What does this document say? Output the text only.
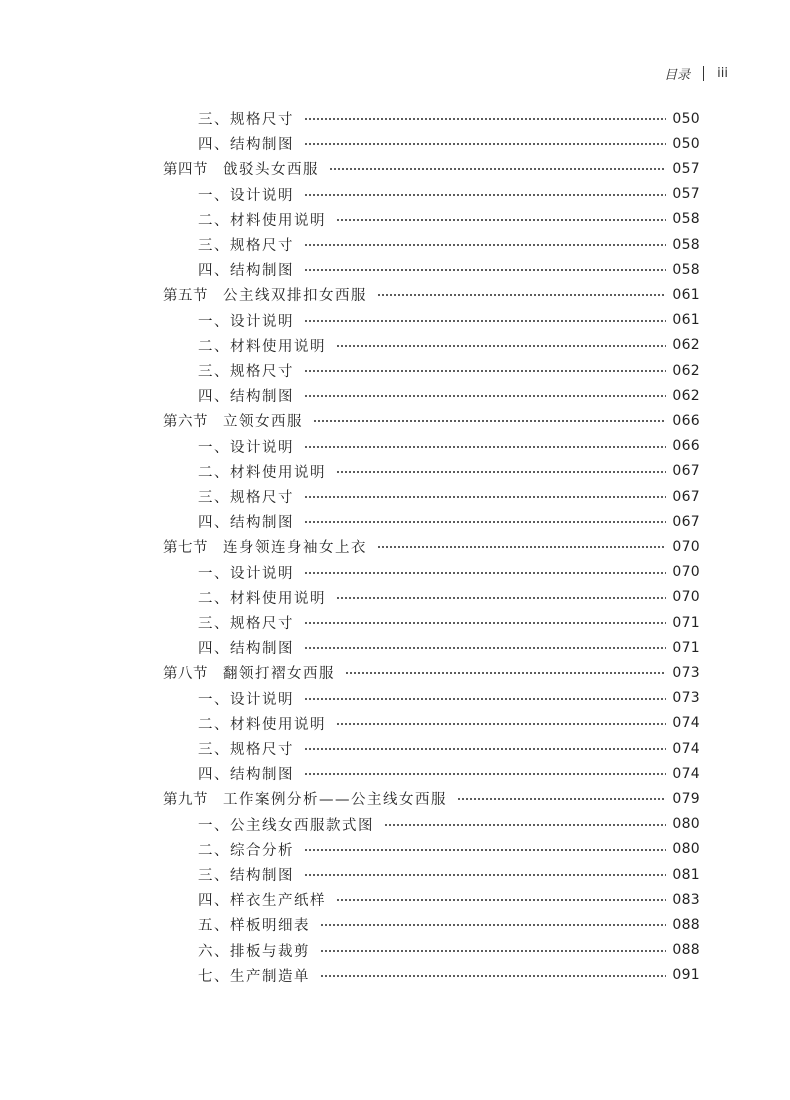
目录 iii
三、规格尺寸	050
四、结构制图	050
第四节 戗驳头女西服	057
一、设计说明	057
二、材料使用说明	058
三、规格尺寸	058
四、结构制图	058
第五节 公主线双排扣女西服	061
一、设计说明	061
二、材料使用说明	062
三、规格尺寸	062
四、结构制图	062
第六节 立领女西服	066
一、设计说明	066
二、材料使用说明	067
三、规格尺寸	067
四、结构制图	067
第七节 连身领连身袖女上衣	070
一、设计说明	070
二、材料使用说明	070
三、规格尺寸	071
四、结构制图	071
第八节 翻领打褶女西服	073
一、设计说明	073
二、材料使用说明	074
三、规格尺寸	074
四、结构制图	074
第九节 工作案例分析——公主线女西服	079
一、公主线女西服款式图	080
二、综合分析	080
三、结构制图	081
四、样衣生产纸样	083
五、样板明细表	088
六、排板与裁剪	088
七、生产制造单	091
